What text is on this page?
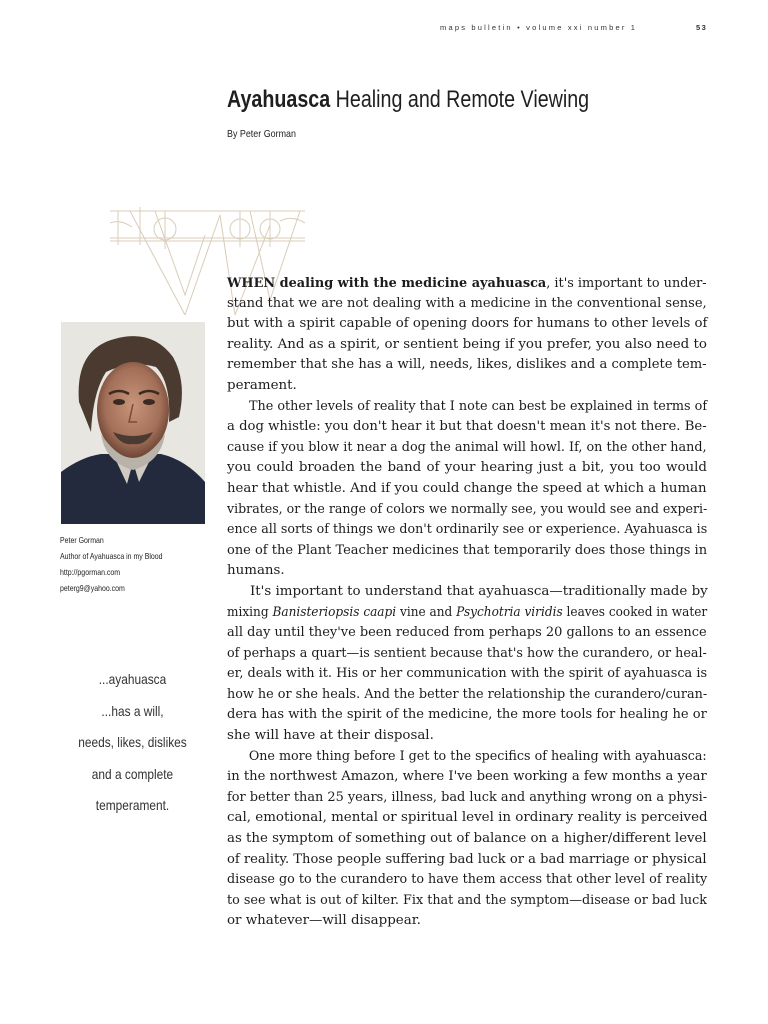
maps bulletin • volume xxi number 1	53
Ayahuasca Healing and Remote Viewing
By Peter Gorman
Peter Gorman
Author of Ayahuasca in my Blood
http://pgorman.com
peterg9@yahoo.com
...ayahuasca
...has a will,
needs, likes, dislikes
and a complete
temperament.
WHEN dealing with the medicine ayahuasca, it's important to under-
stand that we are not dealing with a medicine in the conventional sense,
but with a spirit capable of opening doors for humans to other levels of
reality. And as a spirit, or sentient being if you prefer, you also need to
remember that she has a will, needs, likes, dislikes and a complete tem-
perament.
The other levels of reality that I note can best be explained in terms of
a dog whistle: you don't hear it but that doesn't mean it's not there. Be-
cause if you blow it near a dog the animal will howl. If, on the other hand,
you could broaden the band of your hearing just a bit, you too would
hear that whistle. And if you could change the speed at which a human
vibrates, or the range of colors we normally see, you would see and experi-
ence all sorts of things we don't ordinarily see or experience. Ayahuasca is
one of the Plant Teacher medicines that temporarily does those things in
humans.
It's important to understand that ayahuasca—traditionally made by
mixing Banisteriopsis caapi vine and Psychotria viridis leaves cooked in water
all day until they've been reduced from perhaps 20 gallons to an essence
of perhaps a quart—is sentient because that's how the curandero, or heal-
er, deals with it. His or her communication with the spirit of ayahuasca is
how he or she heals. And the better the relationship the curandero/curan-
dera has with the spirit of the medicine, the more tools for healing he or
she will have at their disposal.
One more thing before I get to the specifics of healing with ayahuasca:
in the northwest Amazon, where I've been working a few months a year
for better than 25 years, illness, bad luck and anything wrong on a physi-
cal, emotional, mental or spiritual level in ordinary reality is perceived
as the symptom of something out of balance on a higher/different level
of reality. Those people suffering bad luck or a bad marriage or physical
disease go to the curandero to have them access that other level of reality
to see what is out of kilter. Fix that and the symptom—disease or bad luck
or whatever—will disappear.
